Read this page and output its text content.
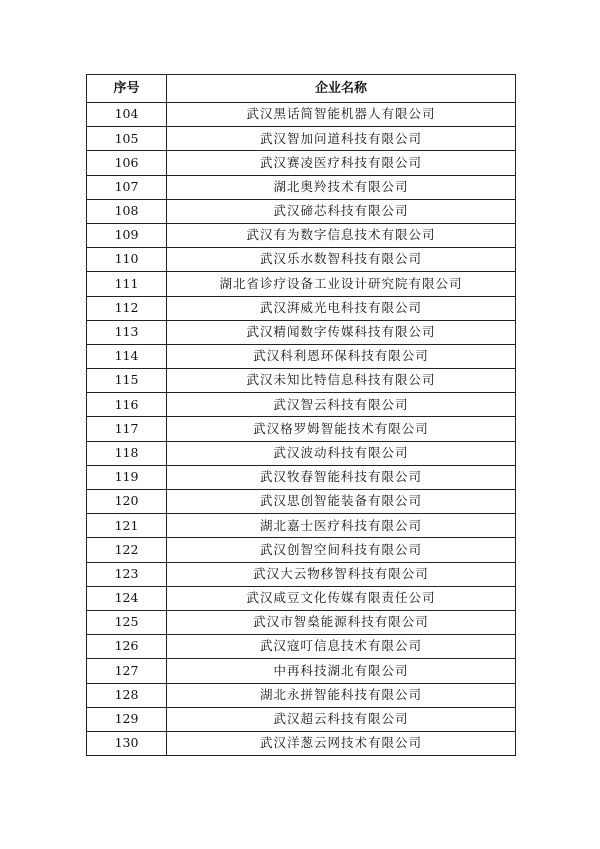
序号	企业名称
104	武汉黑话简智能机器人有限公司
105	武汉智加问道科技有限公司
106	武汉赛凌医疗科技有限公司
107	湖北奥羚技术有限公司
108	武汉碲芯科技有限公司
109	武汉有为数字信息技术有限公司
110	武汉乐水数智科技有限公司
111	湖北省诊疗设备工业设计研究院有限公司
112	武汉湃威光电科技有限公司
113	武汉精闻数字传媒科技有限公司
114	武汉科利恩环保科技有限公司
115	武汉未知比特信息科技有限公司
116	武汉智云科技有限公司
117	武汉格罗姆智能技术有限公司
118	武汉波动科技有限公司
119	武汉牧春智能科技有限公司
120	武汉思创智能装备有限公司
121	湖北嘉士医疗科技有限公司
122	武汉创智空间科技有限公司
123	武汉大云物移智科技有限公司
124	武汉咸豆文化传媒有限责任公司
125	武汉市智燊能源科技有限公司
126	武汉寇叮信息技术有限公司
127	中再科技湖北有限公司
128	湖北永拼智能科技有限公司
129	武汉超云科技有限公司
130	武汉洋葱云网技术有限公司
